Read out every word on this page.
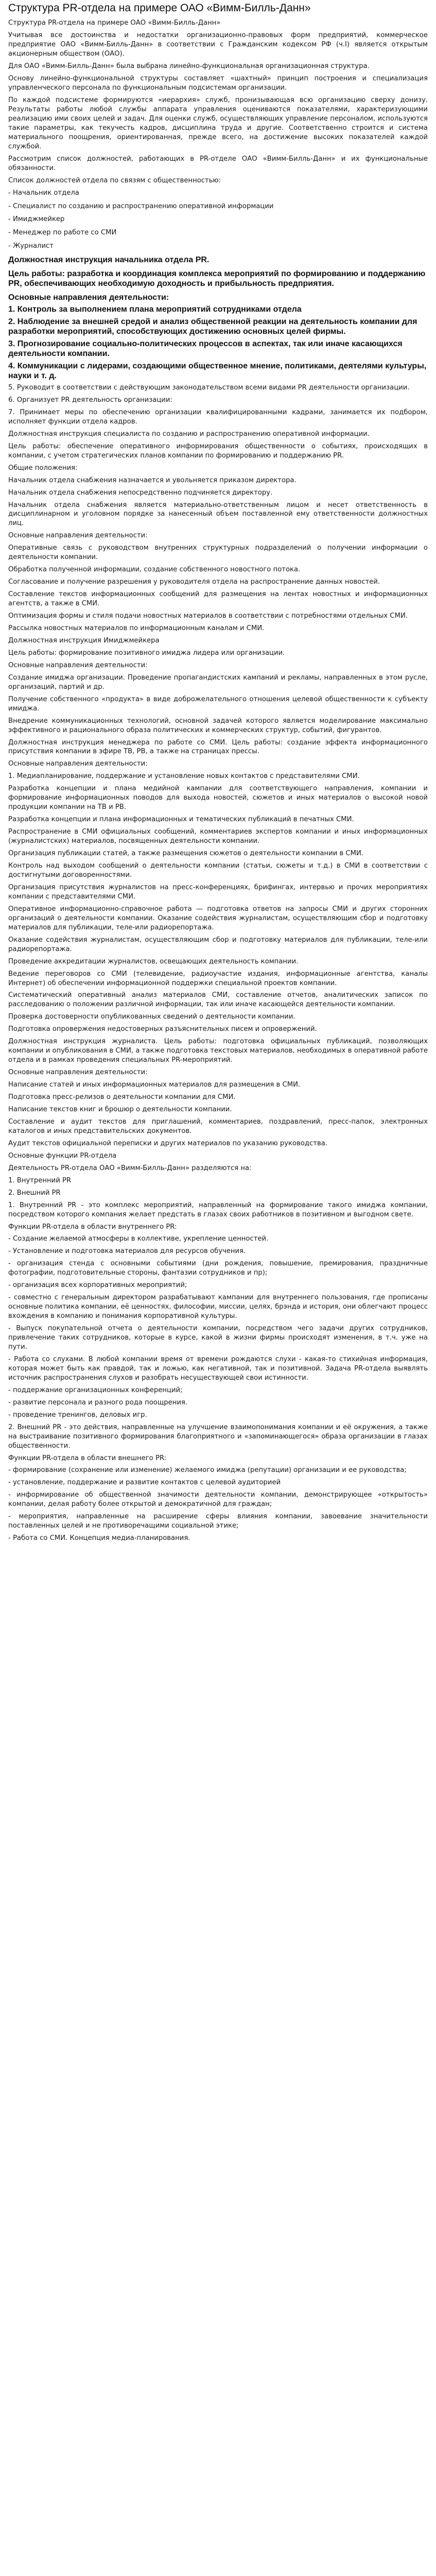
Структура PR-отдела на примере ОАО «Вимм-Билль-Данн»

Структура PR-отдела на примере ОАО «Вимм-Билль-Данн»

Учитывая все достоинства и недостатки организационно-правовых форм предприятий, коммерческое предприятие ОАО «Вимм-Билль-Данн» в соответствии с Гражданским кодексом РФ (ч.I) является открытым акционерным обществом (ОАО).

Для ОАО «Вимм-Билль-Данн» была выбрана линейно-функциональная организационная структура.

Основу линейно-функциональной структуры составляет «шахтный» принцип построения и специализация управленческого персонала по функциональным подсистемам организации.

По каждой подсистеме формируются «иерархия» служб, пронизывающая всю организацию сверху донизу. Результаты работы любой службы аппарата управления оцениваются показателями, характеризующими реализацию ими своих целей и задач. Для оценки служб, осуществляющих управление персоналом, используются такие параметры, как текучесть кадров, дисциплина труда и другие. Соответственно строится и система материального поощрения, ориентированная, прежде всего, на достижение высоких показателей каждой службой.

Рассмотрим список должностей, работающих в PR-отделе ОАО «Вимм-Билль-Данн» и их функциональные обязанности.

Список должностей отдела по связям с общественностью:

- Начальник отдела

- Специалист по созданию и распространению оперативной информации

- Имиджмейкер

- Менеджер по работе со СМИ

- Журналист

Должностная инструкция начальника отдела PR.

Цель работы: разработка и координация комплекса мероприятий по формированию и поддержанию PR, обеспечивающих необходимую доходность и прибыльность предприятия.

Основные направления деятельности:

1. Контроль за выполнением плана мероприятий сотрудниками отдела

2. Наблюдение за внешней средой и анализ общественной реакции на деятельность компании для разработки мероприятий, способствующих достижению основных целей фирмы.

3. Прогнозирование социально-политических процессов в аспектах, так или иначе касающихся деятельности компании.

4. Коммуникации с лидерами, создающими общественное мнение, политиками, деятелями культуры, науки и т. д.

5. Руководит в соответствии с действующим законодательством всеми видами PR деятельности организации.

6. Организует PR деятельность организации:

7. Принимает меры по обеспечению организации квалифицированными кадрами, занимается их подбором, исполняет функции отдела кадров.

Должностная инструкция специалиста по созданию и распространению оперативной информации.

Цель работы: обеспечение оперативного информирования общественности о событиях, происходящих в компании, с учетом стратегических планов компании по формированию и поддержанию PR.

Общие положения:

Начальник отдела снабжения назначается и увольняется приказом директора.

Начальник отдела снабжения непосредственно подчиняется директору.

Начальник отдела снабжения является материально-ответственным лицом и несет ответственность в дисциплинарном и уголовном порядке за нанесенный объем поставленной ему ответственности должностных лиц.

Основные направления деятельности:

Оперативные связь с руководством внутренних структурных подразделений о получении информации о деятельности компании.

Обработка полученной информации, создание собственного новостного потока.

Согласование и получение разрешения у руководителя отдела на распространение данных новостей.

Составление текстов информационных сообщений для размещения на лентах новостных и информационных агентств, а также в СМИ.

Оптимизация формы и стиля подачи новостных материалов в соответствии с потребностями отдельных СМИ.

Рассылка новостных материалов по информационным каналам и СМИ.

Должностная инструкция Имиджмейкера

Цель работы: формирование позитивного имиджа лидера или организации.

Основные направления деятельности:

Создание имиджа организации. Проведение пропагандистских кампаний и рекламы, направленных в этом русле, организаций, партий и др.

Получение собственного «продукта» в виде доброжелательного отношения целевой общественности к субъекту имиджа.

Внедрение коммуникационных технологий, основной задачей которого является моделирование максимально эффективного и рационального образа политических и коммерческих структур, событий, фигурантов.

Должностная инструкция менеджера по работе со СМИ. Цель работы: создание эффекта информационного присутствия компании в эфире ТВ, РВ, а также на страницах прессы.

Основные направления деятельности:

1. Медиапланирование, поддержание и установление новых контактов с представителями СМИ.

Разработка концепции и плана медийной кампании для соответствующего направления, компании и формирование информационных поводов для выхода новостей, сюжетов и иных материалов о высокой новой продукции компании на ТВ и РВ.

Разработка концепции и плана информационных и тематических публикаций в печатных СМИ.

Распространение в СМИ официальных сообщений, комментариев экспертов компании и иных информационных (журналистских) материалов, посвященных деятельности компании.

Организация публикации статей, а также размещения сюжетов о деятельности компании в СМИ.

Контроль над выходом сообщений о деятельности компании (статьи, сюжеты и т.д.) в СМИ в соответствии с достигнутыми договоренностями.

Организация присутствия журналистов на пресс-конференциях, брифингах, интервью и прочих мероприятиях компании с представителями СМИ.

Оперативное информационно-справочное работа — подготовка ответов на запросы СМИ и других сторонних организаций о деятельности компании. Оказание содействия журналистам, осуществляющим сбор и подготовку материалов для публикации, теле-или радиорепортажа.

Оказание содействия журналистам, осуществляющим сбор и подготовку материалов для публикации, теле-или радиорепортажа.

Проведение аккредитации журналистов, освещающих деятельность компании.

Ведение переговоров со СМИ (телевидение, радиоучастие издания, информационные агентства, каналы Интернет) об обеспечении информационной поддержки специальной проектов компании.

Систематический оперативный анализ материалов СМИ, составление отчетов, аналитических записок по расследованию о положении различной информации, так или иначе касающейся деятельности компании.

Проверка достоверности опубликованных сведений о деятельности компании.

Подготовка опровержения недостоверных разъяснительных писем и опровержений.

Должностная инструкция журналиста. Цель работы: подготовка официальных публикаций, позволяющих компании и опубликования в СМИ, а также подготовка текстовых материалов, необходимых в оперативной работе отдела и в рамках проведения специальных PR-мероприятий.

Основные направления деятельности:

Написание статей и иных информационных материалов для размещения в СМИ.

Подготовка пресс-релизов о деятельности компании для СМИ.

Написание текстов книг и брошюр о деятельности компании.

Составление и аудит текстов для приглашений, комментариев, поздравлений, пресс-папок, электронных каталогов и иных представительских документов.

Аудит текстов официальной переписки и других материалов по указанию руководства.

Основные функции PR-отдела

Деятельность PR-отдела ОАО «Вимм-Билль-Данн» разделяются на:

1. Внутренний PR

2. Внешний PR

1. Внутренний PR - это комплекс мероприятий, направленный на формирование такого имиджа компании, посредством которого компания желает предстать в глазах своих работников в позитивном и выгодном свете.

Функции PR-отдела в области внутреннего PR:

- Создание желаемой атмосферы в коллективе, укрепление ценностей.

- Установление и подготовка материалов для ресурсов обучения.

- организация стенда с основными событиями (дни рождения, повышение, премирования, праздничные фотографии, подготовительные стороны, фантазии сотрудников и пр);

- организация всех корпоративных мероприятий;

- совместно с генеральным директором разрабатывают кампании для внутреннего пользования, где прописаны основные политика компании, её ценностях, философии, миссии, целях, брэнда и история, они облегчают процесс вхождения в компанию и понимания корпоративной культуры.

- Выпуск покупательной отчета о деятельности компании, посредством чего задачи других сотрудников, привлечение таких сотрудников, которые в курсе, какой в жизни фирмы происходят изменения, в т.ч. уже на пути.

- Работа со слухами. В любой компании время от времени рождаются слухи - какая-то стихийная информация, которая может быть как правдой, так и ложью, как негативной, так и позитивной. Задача PR-отдела выявлять источник распространения слухов и разобрать несуществующей свои истинности.

- поддержание организационных конференций;

- развитие персонала и разного рода поощрения.

- проведение тренингов, деловых игр.

2. Внешний PR - это действия, направленные на улучшение взаимопонимания компании и её окружения, а также на выстраивание позитивного формирования благоприятного и «запоминающегося» образа организации в глазах общественности.

Функции PR-отдела в области внешнего PR:

- формирование (сохранение или изменение) желаемого имиджа (репутации) организации и ее руководства;

- установление, поддержание и развитие контактов с целевой аудиторией

- информирование об общественной значимости деятельности компании, демонстрирующее «открытость» компании, делая работу более открытой и демократичной для граждан;

- мероприятия, направленные на расширение сферы влияния компании, завоевание значительности поставленных целей и не противоречащими социальной этике;

- Работа со СМИ. Концепция медиа-планирования.
